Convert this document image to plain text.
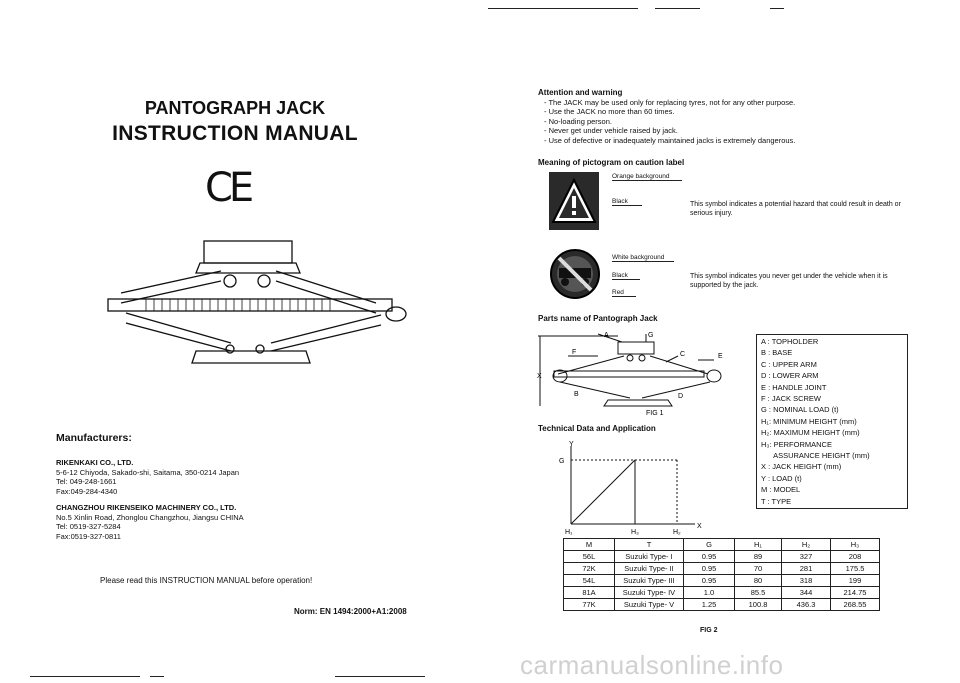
PANTOGRAPH JACK
INSTRUCTION MANUAL
CE
Manufacturers:
RIKENKAKI CO., LTD.
5-6-12 Chiyoda, Sakado-shi, Saitama, 350-0214 Japan
Tel: 049-248-1661
Fax:049-284-4340
CHANGZHOU RIKENSEIKO MACHINERY CO., LTD.
No.5 Xinlin Road, Zhonglou Changzhou, Jiangsu CHINA
Tel: 0519-327-5284
Fax:0519-327-0811
Please read this INSTRUCTION MANUAL before operation!
Norm: EN 1494:2000+A1:2008
Attention and warning
- The JACK may be used only for replacing tyres, not for any other purpose.
- Use the JACK no more than 60 times.
- No-loading person.
- Never get under vehicle raised by jack.
- Use of defective or inadequately maintained jacks is extremely dangerous.
Meaning of pictogram on caution label
Orange background
Black	This symbol indicates a potential hazard that could result in death or serious injury.
White background
Black
Red
This symbol indicates you never get under the vehicle when it is supported by the jack.
Parts name of Pantograph Jack
A	G
C
F
E
X
B	D
FIG 1
A : TOPHOLDER
B : BASE
C : UPPER ARM
D : LOWER ARM
E : HANDLE JOINT
F : JACK SCREW
G : NOMINAL LOAD (t)
H₁: MINIMUM HEIGHT (mm)
H₂: MAXIMUM HEIGHT (mm)
H₃: PERFORMANCE
ASSURANCE HEIGHT (mm)
X : JACK HEIGHT (mm)
Y : LOAD (t)
M : MODEL
T : TYPE
Technical Data and Application
Y
G
X
H₁	H₃	H₂
M	T	G	H₁	H₂	H₃
56L	Suzuki Type- I	0.95	89	327	208
72K	Suzuki Type- II	0.95	70	281	175.5
54L	Suzuki Type- III	0.95	80	318	199
81A	Suzuki Type- IV	1.0	85.5	344	214.75
77K	Suzuki Type- V	1.25	100.8	436.3	268.55
FIG 2
carmanualsonline.info
